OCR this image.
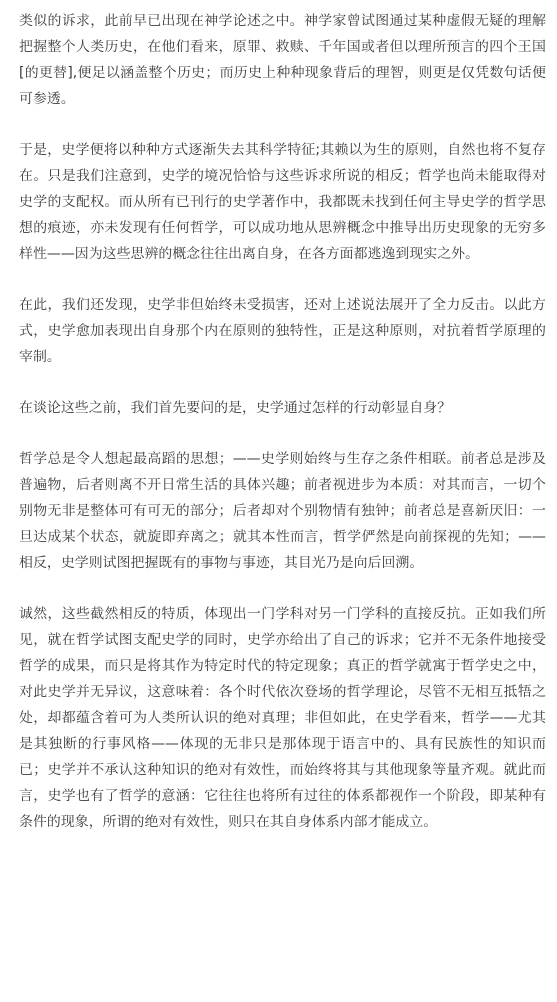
类似的诉求，此前早已出现在神学论述之中。神学家曾试图通过某种虚假无疑的理解把握整个人类历史，在他们看来，原罪、救赎、千年国或者但以理所预言的四个王国[的更替],便足以涵盖整个历史；而历史上种种现象背后的理智，则更是仅凭数句话便可参透。

于是，史学便将以种种方式逐渐失去其科学特征;其赖以为生的原则，自然也将不复存在。只是我们注意到，史学的境况恰恰与这些诉求所说的相反；哲学也尚未能取得对史学的支配权。而从所有已刊行的史学著作中，我都既未找到任何主导史学的哲学思想的痕迹，亦未发现有任何哲学，可以成功地从思辨概念中推导出历史现象的无穷多样性——因为这些思辨的概念往往出离自身，在各方面都逃逸到现实之外。

在此，我们还发现，史学非但始终未受损害，还对上述说法展开了全力反击。以此方式，史学愈加表现出自身那个内在原则的独特性，正是这种原则，对抗着哲学原理的宰制。

在谈论这些之前，我们首先要问的是，史学通过怎样的行动彰显自身？

哲学总是令人想起最高蹈的思想；——史学则始终与生存之条件相联。前者总是涉及普遍物，后者则离不开日常生活的具体兴趣；前者视进步为本质：对其而言，一切个别物无非是整体可有可无的部分；后者却对个别物情有独钟；前者总是喜新厌旧：一旦达成某个状态，就旋即弃离之；就其本性而言，哲学俨然是向前探视的先知；——相反，史学则试图把握既有的事物与事迹，其目光乃是向后回溯。

诚然，这些截然相反的特质，体现出一门学科对另一门学科的直接反抗。正如我们所见，就在哲学试图支配史学的同时，史学亦给出了自己的诉求；它并不无条件地接受哲学的成果，而只是将其作为特定时代的特定现象；真正的哲学就寓于哲学史之中，对此史学并无异议，这意味着：各个时代依次登场的哲学理论，尽管不无相互抵牾之处，却都蕴含着可为人类所认识的绝对真理；非但如此，在史学看来，哲学——尤其是其独断的行事风格——体现的无非只是那体现于语言中的、具有民族性的知识而已；史学并不承认这种知识的绝对有效性，而始终将其与其他现象等量齐观。就此而言，史学也有了哲学的意涵：它往往也将所有过往的体系都视作一个阶段，即某种有条件的现象，所谓的绝对有效性，则只在其自身体系内部才能成立。
